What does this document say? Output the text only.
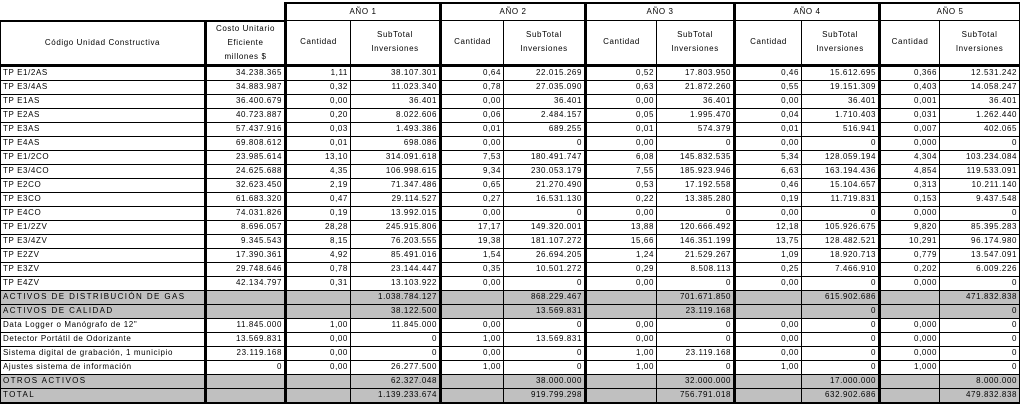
		AÑO 1		AÑO 2		AÑO 3		AÑO 4		AÑO 5	
Código Unidad Constructiva	Costo Unitario Eficiente millones $	Cantidad	SubTotal Inversiones	Cantidad	SubTotal Inversiones	Cantidad	SubTotal Inversiones	Cantidad	SubTotal Inversiones	Cantidad	SubTotal Inversiones
TP E1/2AS	34.238.365	1,11	38.107.301	0,64	22.015.269	0,52	17.803.950	0,46	15.612.695	0,366	12.531.242
TP E3/4AS	34.883.987	0,32	11.023.340	0,78	27.035.090	0,63	21.872.260	0,55	19.151.309	0,403	14.058.247
TP E1AS	36.400.679	0,00	36.401	0,00	36.401	0,00	36.401	0,00	36.401	0,001	36.401
TP E2AS	40.723.887	0,20	8.022.606	0,06	2.484.157	0,05	1.995.470	0,04	1.710.403	0,031	1.262.440
TP E3AS	57.437.916	0,03	1.493.386	0,01	689.255	0,01	574.379	0,01	516.941	0,007	402.065
TP E4AS	69.808.612	0,01	698.086	0,00	0	0,00	0	0,00	0	0,000	0
TP E1/2CO	23.985.614	13,10	314.091.618	7,53	180.491.747	6,08	145.832.535	5,34	128.059.194	4,304	103.234.084
TP E3/4CO	24.625.688	4,35	106.998.615	9,34	230.053.179	7,55	185.923.946	6,63	163.194.436	4,854	119.533.091
TP E2CO	32.623.450	2,19	71.347.486	0,65	21.270.490	0,53	17.192.558	0,46	15.104.657	0,313	10.211.140
TP E3CO	61.683.320	0,47	29.114.527	0,27	16.531.130	0,22	13.385.280	0,19	11.719.831	0,153	9.437.548
TP E4CO	74.031.826	0,19	13.992.015	0,00	0	0,00	0	0,00	0	0,000	0
TP E1/2ZV	8.696.057	28,28	245.915.806	17,17	149.320.001	13,88	120.666.492	12,18	105.926.675	9,820	85.395.283
TP E3/4ZV	9.345.543	8,15	76.203.555	19,38	181.107.272	15,66	146.351.199	13,75	128.482.521	10,291	96.174.980
TP E2ZV	17.390.361	4,92	85.491.016	1,54	26.694.205	1,24	21.529.267	1,09	18.920.713	0,779	13.547.091
TP E3ZV	29.748.646	0,78	23.144.447	0,35	10.501.272	0,29	8.508.113	0,25	7.466.910	0,202	6.009.226
TP E4ZV	42.134.797	0,31	13.103.922	0,00	0	0,00	0	0,00	0	0,000	0
ACTIVOS DE DISTRIBUCIÓN DE GAS			1.038.784.127		868.229.467		701.671.850		615.902.686		471.832.838
ACTIVOS DE CALIDAD			38.122.500		13.569.831		23.119.168		0		0
Data Logger o Manógrafo de 12"	11.845.000	1,00	11.845.000	0,00	0	0,00	0	0,00	0	0,000	0
Detector Portátil de Odorizante	13.569.831	0,00	0	1,00	13.569.831	0,00	0	0,00	0	0,000	0
Sistema digital de grabación, 1 municipio	23.119.168	0,00	0	0,00	0	1,00	23.119.168	0,00	0	0,000	0
Ajustes sistema de información	0	0,00	26.277.500	1,00	0	1,00	0	1,00	0	1,000	0
OTROS ACTIVOS			62.327.048		38.000.000		32.000.000		17.000.000		8.000.000
TOTAL			1.139.233.674		919.799.298		756.791.018		632.902.686		479.832.838
